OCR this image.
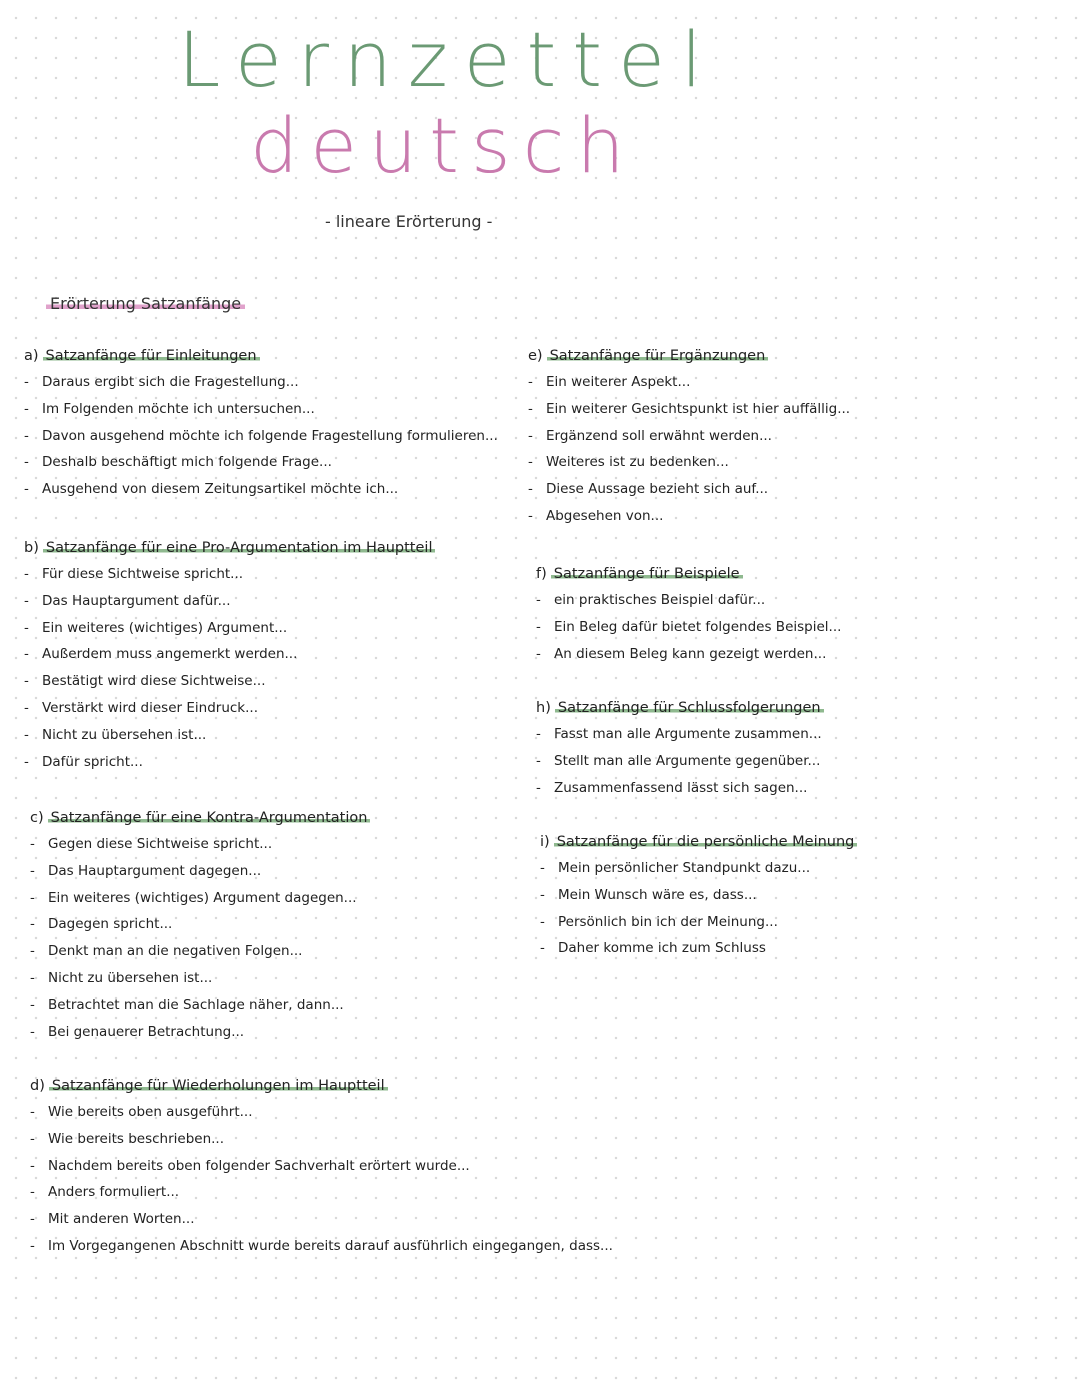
Lernzettel
deutsch
- lineare Erörterung -
Erörterung Satzanfänge
a) Satzanfänge für Einleitungen
- Daraus ergibt sich die Fragestellung...
- Im Folgenden möchte ich untersuchen...
- Davon ausgehend möchte ich folgende Fragestellung formulieren...
- Deshalb beschäftigt mich folgende Frage...
- Ausgehend von diesem Zeitungsartikel möchte ich...
b) Satzanfänge für eine Pro-Argumentation im Hauptteil
- Für diese Sichtweise spricht...
- Das Hauptargument dafür...
- Ein weiteres (wichtiges) Argument...
- Außerdem muss angemerkt werden...
- Bestätigt wird diese Sichtweise...
- Verstärkt wird dieser Eindruck...
- Nicht zu übersehen ist...
- Dafür spricht...
c) Satzanfänge für eine Kontra-Argumentation
- Gegen diese Sichtweise spricht...
- Das Hauptargument dagegen...
- Ein weiteres (wichtiges) Argument dagegen...
- Dagegen spricht...
- Denkt man an die negativen Folgen...
- Nicht zu übersehen ist...
- Betrachtet man die Sachlage näher, dann...
- Bei genauerer Betrachtung...
d) Satzanfänge für Wiederholungen im Hauptteil
- Wie bereits oben ausgeführt...
- Wie bereits beschrieben...
- Nachdem bereits oben folgender Sachverhalt erörtert wurde...
- Anders formuliert...
- Mit anderen Worten...
- Im Vorgegangenen Abschnitt wurde bereits darauf ausführlich eingegangen, dass...
e) Satzanfänge für Ergänzungen
- Ein weiterer Aspekt...
- Ein weiterer Gesichtspunkt ist hier auffällig...
- Ergänzend soll erwähnt werden...
- Weiteres ist zu bedenken...
- Diese Aussage bezieht sich auf...
- Abgesehen von...
f) Satzanfänge für Beispiele
- ein praktisches Beispiel dafür...
- Ein Beleg dafür bietet folgendes Beispiel...
- An diesem Beleg kann gezeigt werden...
h) Satzanfänge für Schlussfolgerungen
- Fasst man alle Argumente zusammen...
- Stellt man alle Argumente gegenüber...
- Zusammenfassend lässt sich sagen...
i) Satzanfänge für die persönliche Meinung
- Mein persönlicher Standpunkt dazu...
- Mein Wunsch wäre es, dass...
- Persönlich bin ich der Meinung...
- Daher komme ich zum Schluss
